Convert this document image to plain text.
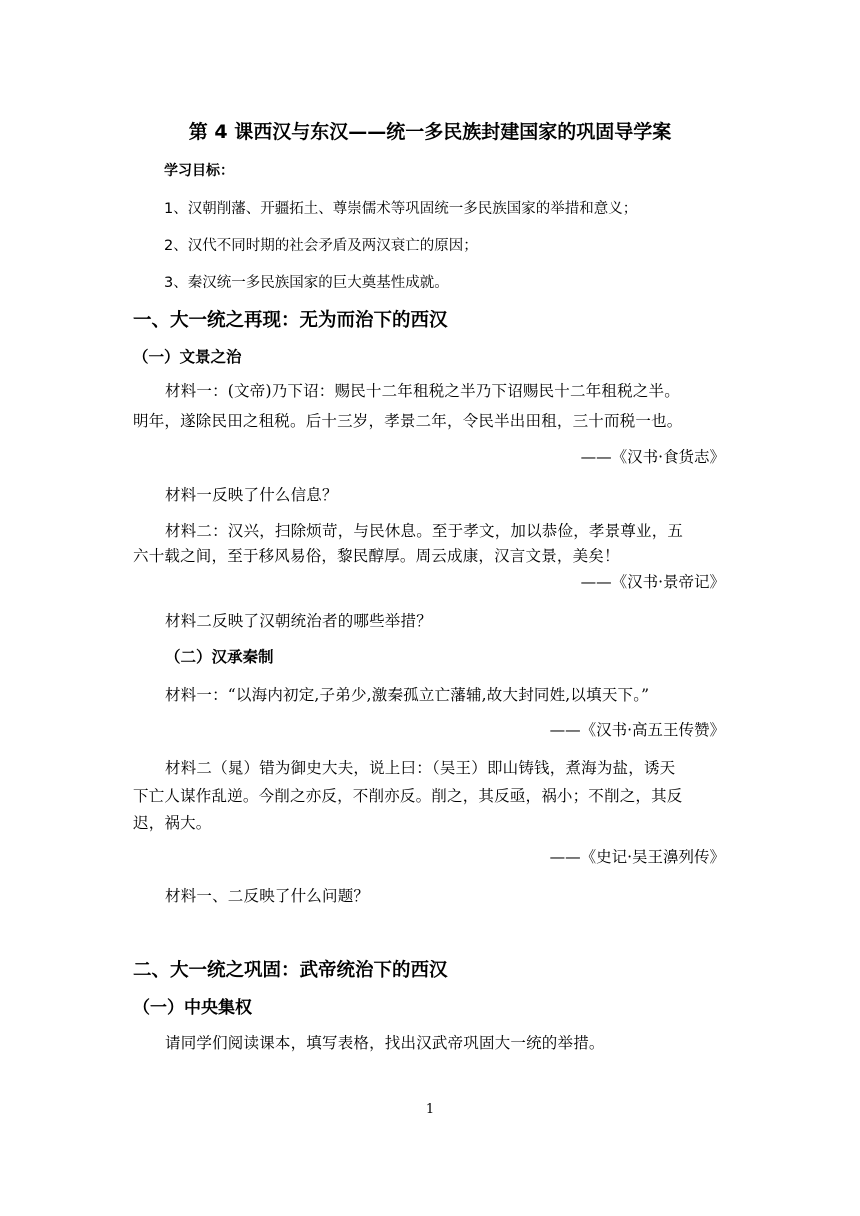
第 4 课西汉与东汉——统一多民族封建国家的巩固导学案
学习目标：
1、汉朝削藩、开疆拓土、尊崇儒术等巩固统一多民族国家的举措和意义；
2、汉代不同时期的社会矛盾及两汉衰亡的原因；
3、秦汉统一多民族国家的巨大奠基性成就。
一、大一统之再现：无为而治下的西汉
（一）文景之治
材料一：(文帝)乃下诏：赐民十二年租税之半乃下诏赐民十二年租税之半。
明年，遂除民田之租税。后十三岁，孝景二年，令民半出田租，三十而税一也。
——《汉书·食货志》
材料一反映了什么信息？
材料二：汉兴，扫除烦苛，与民休息。至于孝文，加以恭俭，孝景尊业，五
六十载之间，至于移风易俗，黎民醇厚。周云成康，汉言文景，美矣！
——《汉书·景帝记》
材料二反映了汉朝统治者的哪些举措？
（二）汉承秦制
材料一：“以海内初定,子弟少,激秦孤立亡藩辅,故大封同姓,以填天下。”
——《汉书·高五王传赞》
材料二（晁）错为御史大夫，说上曰：（吴王）即山铸钱，煮海为盐，诱天
下亡人谋作乱逆。今削之亦反，不削亦反。削之，其反亟，祸小；不削之，其反
迟，祸大。
——《史记·吴王濞列传》
材料一、二反映了什么问题？
二、大一统之巩固：武帝统治下的西汉
（一）中央集权
请同学们阅读课本，填写表格，找出汉武帝巩固大一统的举措。
1
